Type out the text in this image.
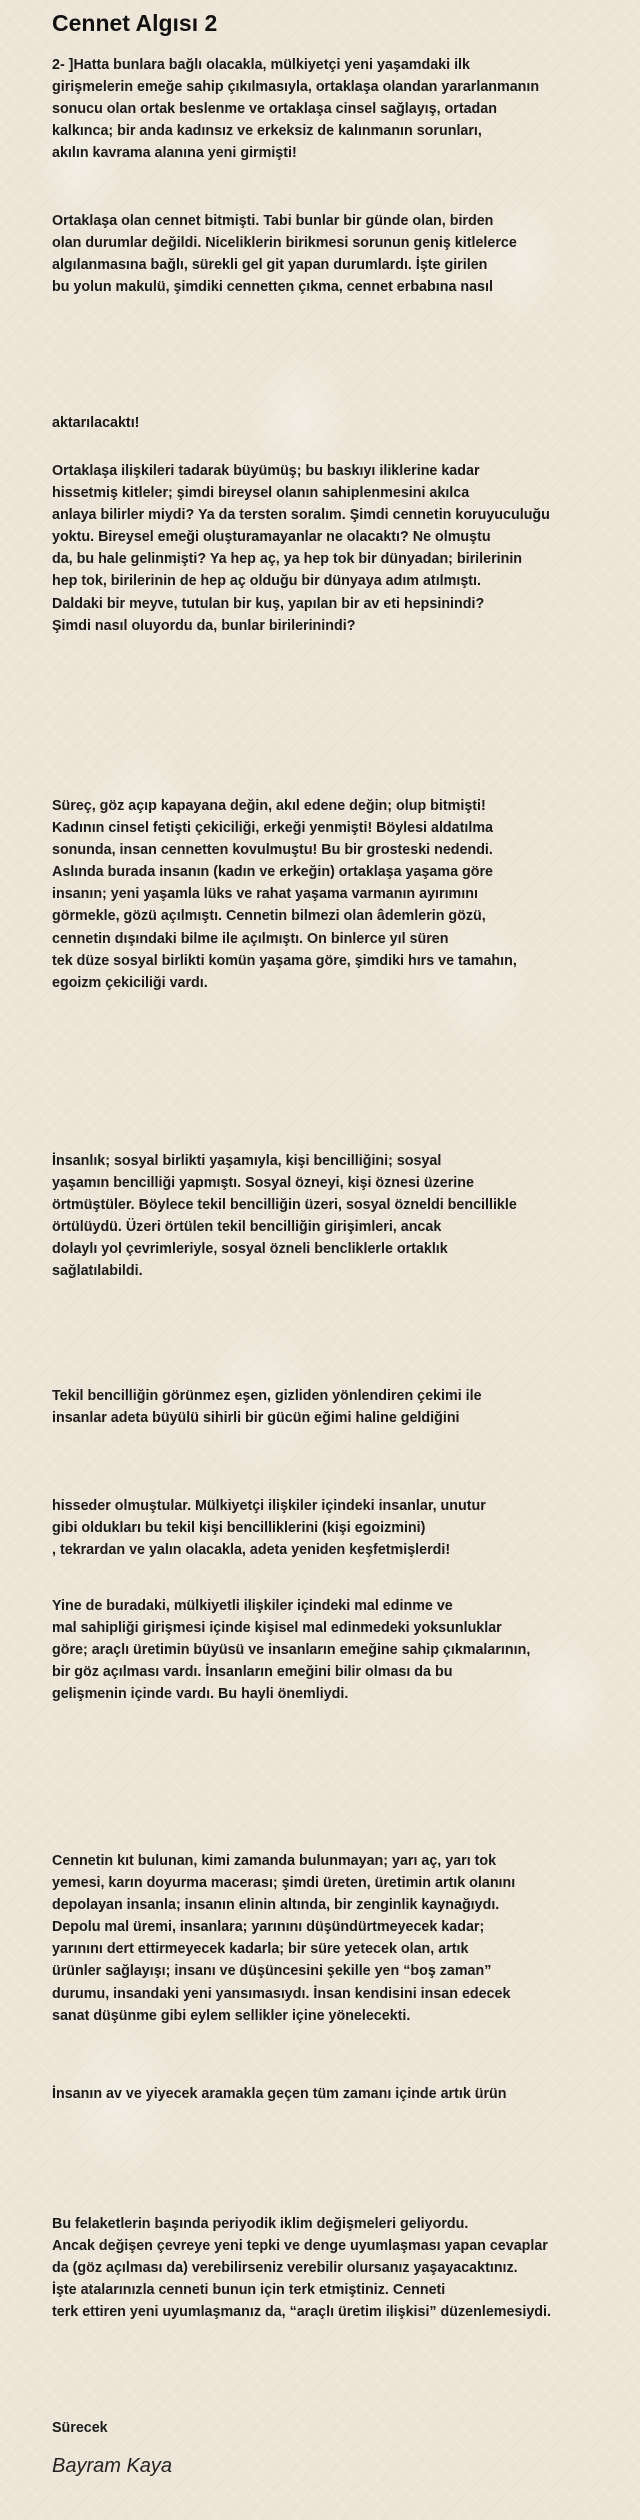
Cennet Algısı 2
2- ]Hatta bunlara bağlı olacakla, mülkiyetçi yeni yaşamdaki ilk
girişmelerin emeğe sahip çıkılmasıyla, ortaklaşa olandan yararlanmanın
sonucu olan ortak beslenme ve ortaklaşa cinsel sağlayış, ortadan
kalkınca; bir anda kadınsız ve erkeksiz de kalınmanın sorunları,
akılın kavrama alanına yeni girmişti!
Ortaklaşa olan cennet bitmişti. Tabi bunlar bir günde olan, birden
olan durumlar değildi. Niceliklerin birikmesi sorunun geniş kitlelerce
algılanmasına bağlı, sürekli gel git yapan durumlardı. İşte girilen
bu yolun makulü, şimdiki cennetten çıkma, cennet erbabına nasıl
aktarılacaktı!
Ortaklaşa ilişkileri tadarak büyümüş; bu baskıyı iliklerine kadar
hissetmiş kitleler; şimdi bireysel olanın sahiplenmesini akılca
anlaya bilirler miydi? Ya da tersten soralım. Şimdi cennetin koruyuculuğu
yoktu. Bireysel emeği oluşturamayanlar ne olacaktı? Ne olmuştu
da, bu hale gelinmişti? Ya hep aç, ya hep tok bir dünyadan; birilerinin
hep tok, birilerinin de hep aç olduğu bir dünyaya adım atılmıştı.
Daldaki bir meyve, tutulan bir kuş, yapılan bir av eti hepsinindi?
Şimdi nasıl oluyordu da, bunlar birilerinindi?
Süreç, göz açıp kapayana değin, akıl edene değin; olup bitmişti!
Kadının cinsel fetişti çekiciliği, erkeği yenmişti! Böylesi aldatılma
sonunda, insan cennetten kovulmuştu! Bu bir grosteski nedendi.
Aslında burada insanın (kadın ve erkeğin) ortaklaşa yaşama göre
insanın; yeni yaşamla lüks ve rahat yaşama varmanın ayırımını
görmekle, gözü açılmıştı. Cennetin bilmezi olan âdemlerin gözü,
cennetin dışındaki bilme ile açılmıştı. On binlerce yıl süren
tek düze sosyal birlikti komün yaşama göre, şimdiki hırs ve tamahın,
egoizm çekiciliği vardı.
İnsanlık; sosyal birlikti yaşamıyla, kişi bencilliğini; sosyal
yaşamın bencilliği yapmıştı. Sosyal özneyi, kişi öznesi üzerine
örtmüştüler. Böylece tekil bencilliğin üzeri, sosyal özneldi bencillikle
örtülüydü. Üzeri örtülen tekil bencilliğin girişimleri, ancak
dolaylı yol çevrimleriyle, sosyal özneli bencliklerle ortaklık
sağlatılabildi.
Tekil bencilliğin görünmez eşen, gizliden yönlendiren çekimi ile
insanlar adeta büyülü sihirli bir gücün eğimi haline geldiğini
hisseder olmuştular. Mülkiyetçi ilişkiler içindeki insanlar, unutur
gibi oldukları bu tekil kişi bencilliklerini (kişi egoizmini)
, tekrardan ve yalın olacakla, adeta yeniden keşfetmişlerdi!
Yine de buradaki, mülkiyetli ilişkiler içindeki mal edinme ve
mal sahipliği girişmesi içinde kişisel mal edinmedeki yoksunluklar
göre; araçlı üretimin büyüsü ve insanların emeğine sahip çıkmalarının,
bir göz açılması vardı. İnsanların emeğini bilir olması da bu
gelişmenin içinde vardı. Bu hayli önemliydi.
Cennetin kıt bulunan, kimi zamanda bulunmayan; yarı aç, yarı tok
yemesi, karın doyurma macerası; şimdi üreten, üretimin artık olanını
depolayan insanla; insanın elinin altında, bir zenginlik kaynağıydı.
Depolu mal üremi, insanlara; yarınını düşündürtmeyecek kadar;
yarınını dert ettirmeyecek kadarla; bir süre yetecek olan, artık
ürünler sağlayışı; insanı ve düşüncesini şekille yen “boş zaman”
durumu, insandaki yeni yansımasıydı. İnsan kendisini insan edecek
sanat düşünme gibi eylem sellikler içine yönelecekti.
İnsanın av ve yiyecek aramakla geçen tüm zamanı içinde artık ürün
Bu felaketlerin başında periyodik iklim değişmeleri geliyordu.
Ancak değişen çevreye yeni tepki ve denge uyumlaşması yapan cevaplar
da (göz açılması da) verebilirseniz verebilir olursanız yaşayacaktınız.
İşte atalarınızla cenneti bunun için terk etmiştiniz. Cenneti
terk ettiren yeni uyumlaşmanız da, “araçlı üretim ilişkisi” düzenlemesiydi.
Sürecek
Bayram Kaya
